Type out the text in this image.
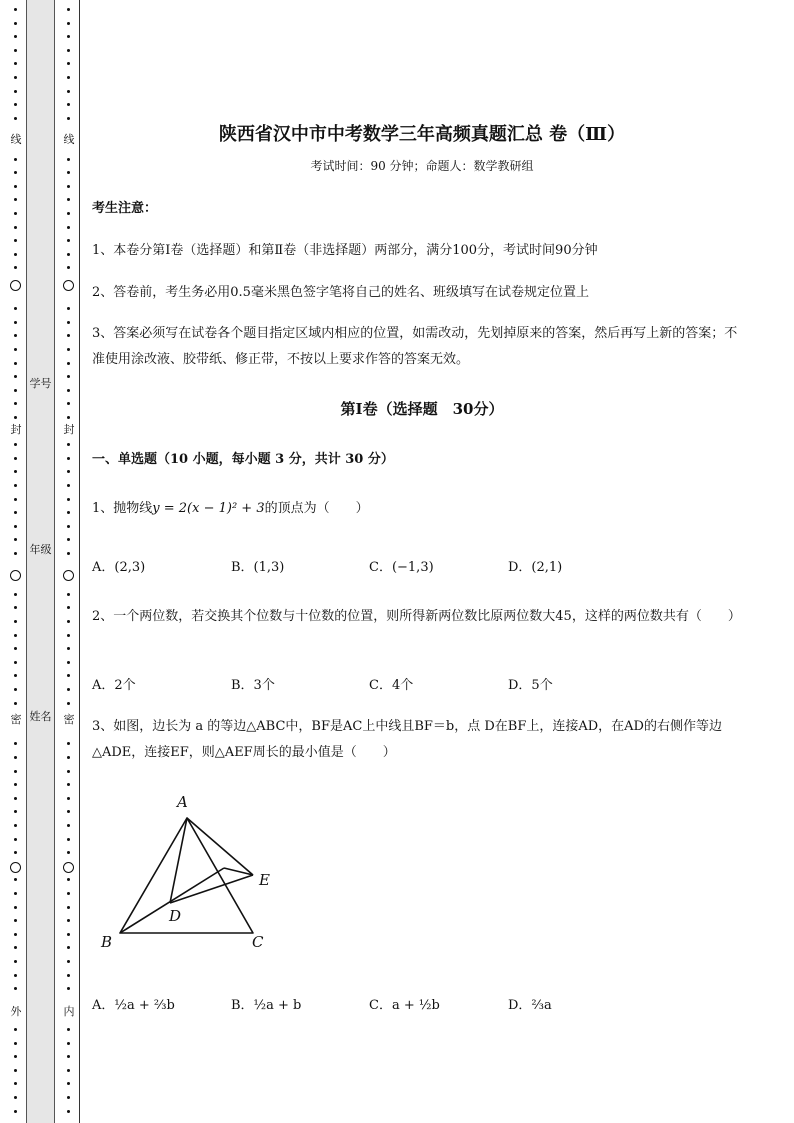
线
封
密
外
线
封
密
内
学号
年级
姓名
陕西省汉中市中考数学三年高频真题汇总 卷（Ⅲ）
考试时间：90 分钟；命题人：数学教研组
考生注意：
1、本卷分第Ⅰ卷（选择题）和第Ⅱ卷（非选择题）两部分，满分100分，考试时间90分钟
2、答卷前，考生务必用0.5毫米黑色签字笔将自己的姓名、班级填写在试卷规定位置上
3、答案必须写在试卷各个题目指定区域内相应的位置，如需改动，先划掉原来的答案，然后再写上新的答案；不准使用涂改液、胶带纸、修正带，不按以上要求作答的答案无效。
第Ⅰ卷（选择题　30分）
一、单选题（10 小题，每小题 3 分，共计 30 分）
1、抛物线y = 2(x − 1)² + 3的顶点为（　　）
A．(2,3)	B．(1,3)	C．(−1,3)	D．(2,1)
2、一个两位数，若交换其个位数与十位数的位置，则所得新两位数比原两位数大45，这样的两位数共有（　　）
A．2个	B．3个	C．4个	D．5个
3、如图，边长为 a 的等边△ABC中，BF是AC上中线且BF＝b，点 D在BF上，连接AD，在AD的右侧作等边△ADE，连接EF，则△AEF周长的最小值是（　　）
A
B	C
D
E
A．½a + ⅔b	B．½a + b	C．a + ½b	D．⅔a
